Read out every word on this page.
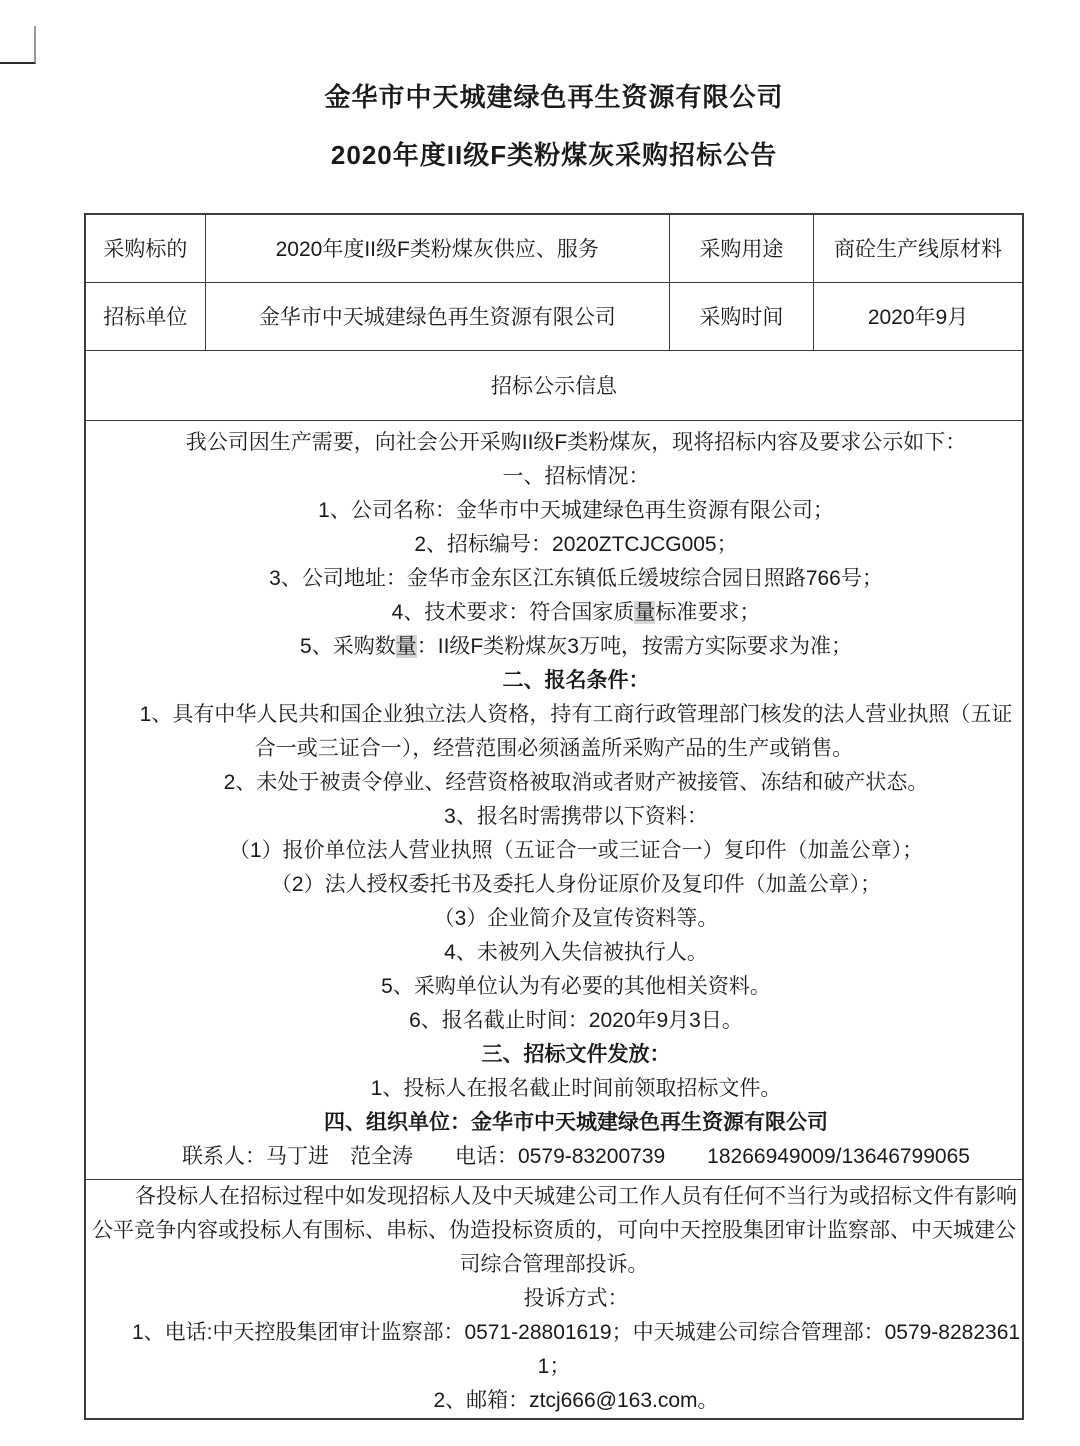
金华市中天城建绿色再生资源有限公司
2020年度II级F类粉煤灰采购招标公告
采购标的	2020年度II级F类粉煤灰供应、服务	采购用途	商砼生产线原材料
招标单位	金华市中天城建绿色再生资源有限公司	采购时间	2020年9月
招标公示信息			

我公司因生产需要，向社会公开采购II级F类粉煤灰，现将招标内容及要求公示如下：

一、招标情况：

1、公司名称：金华市中天城建绿色再生资源有限公司；

2、招标编号：2020ZTCJCG005；

3、公司地址：金华市金东区江东镇低丘缓坡综合园日照路766号；

4、技术要求：符合国家质量标准要求；

5、采购数量：II级F类粉煤灰3万吨，按需方实际要求为准；

二、报名条件：

1、具有中华人民共和国企业独立法人资格，持有工商行政管理部门核发的法人营业执照（五证合一或三证合一），经营范围必须涵盖所采购产品的生产或销售。

2、未处于被责令停业、经营资格被取消或者财产被接管、冻结和破产状态。

3、报名时需携带以下资料：

（1）报价单位法人营业执照（五证合一或三证合一）复印件（加盖公章）；

（2）法人授权委托书及委托人身份证原价及复印件（加盖公章）；

（3）企业简介及宣传资料等。

4、未被列入失信被执行人。

5、采购单位认为有必要的其他相关资料。

6、报名截止时间：2020年9月3日。

三、招标文件发放：

1、投标人在报名截止时间前领取招标文件。

四、组织单位：金华市中天城建绿色再生资源有限公司

联系人：马丁进　范全涛　　电话：0579-83200739　　18266949009/13646799065

各投标人在招标过程中如发现招标人及中天城建公司工作人员有任何不当行为或招标文件有影响公平竞争内容或投标人有围标、串标、伪造投标资质的，可向中天控股集团审计监察部、中天城建公司综合管理部投诉。

投诉方式：

1、电话:中天控股集团审计监察部：0571-28801619；中天城建公司综合管理部：0579-82823611；

2、邮箱：ztcj666@163.com。			
